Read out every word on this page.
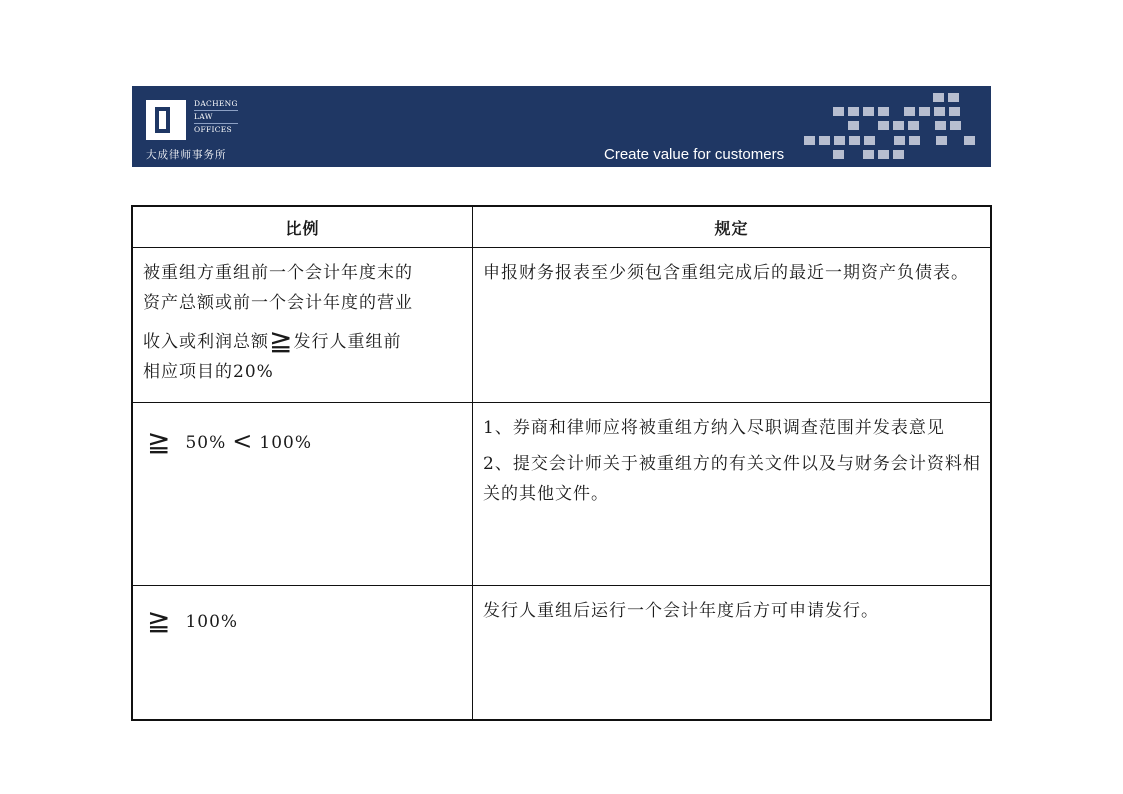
DACHENG
LAW
OFFICES
大成律师事务所	Create value for customers
比例	规定

被重组方重组前一个会计年度末的

资产总额或前一个会计年度的营业

收入或利润总额≧发行人重组前

相应项目的20%	申报财务报表至少须包含重组完成后的最近一期资产负债表。

≧ 50% < 100%	1、券商和律师应将被重组方纳入尽职调查范围并发表意见

2、提交会计师关于被重组方的有关文件以及与财务会计资料相关的其他文件。

≧ 100%	发行人重组后运行一个会计年度后方可申请发行。
